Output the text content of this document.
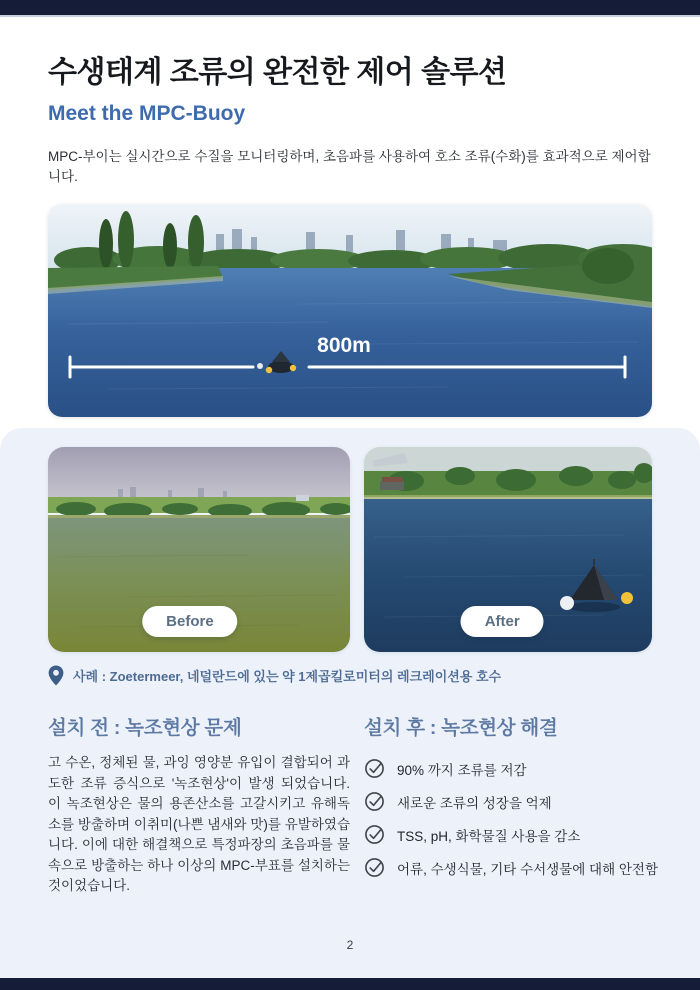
수생태계 조류의 완전한 제어 솔루션
Meet the MPC-Buoy

MPC-부이는 실시간으로 수질을 모니터링하며, 초음파를 사용하여 호소 조류(수화)를 효과적으로 제어합니다.

800m

Before	After
사례 : Zoetermeer, 네덜란드에 있는 약 1제곱킬로미터의 레크레이션용 호수
설치 전 : 녹조현상 문제

고 수온, 정체된 물, 과잉 영양분 유입이 결합되어 과도한 조류 증식으로 '녹조현상'이 발생 되었습니다. 이 녹조현상은 물의 용존산소를 고갈시키고 유해독소를 방출하며 이취미(나쁜 냄새와 맛)를 유발하였습니다. 이에 대한 해결책으로 특정파장의 초음파를 물 속으로 방출하는 하나 이상의 MPC-부표를 설치하는 것이었습니다.

설치 후 : 녹조현상 해결
90% 까지 조류를 저감
새로운 조류의 성장을 억제
TSS, pH, 화학물질 사용을 감소
어류, 수생식물, 기타 수서생물에 대해 안전함
2
